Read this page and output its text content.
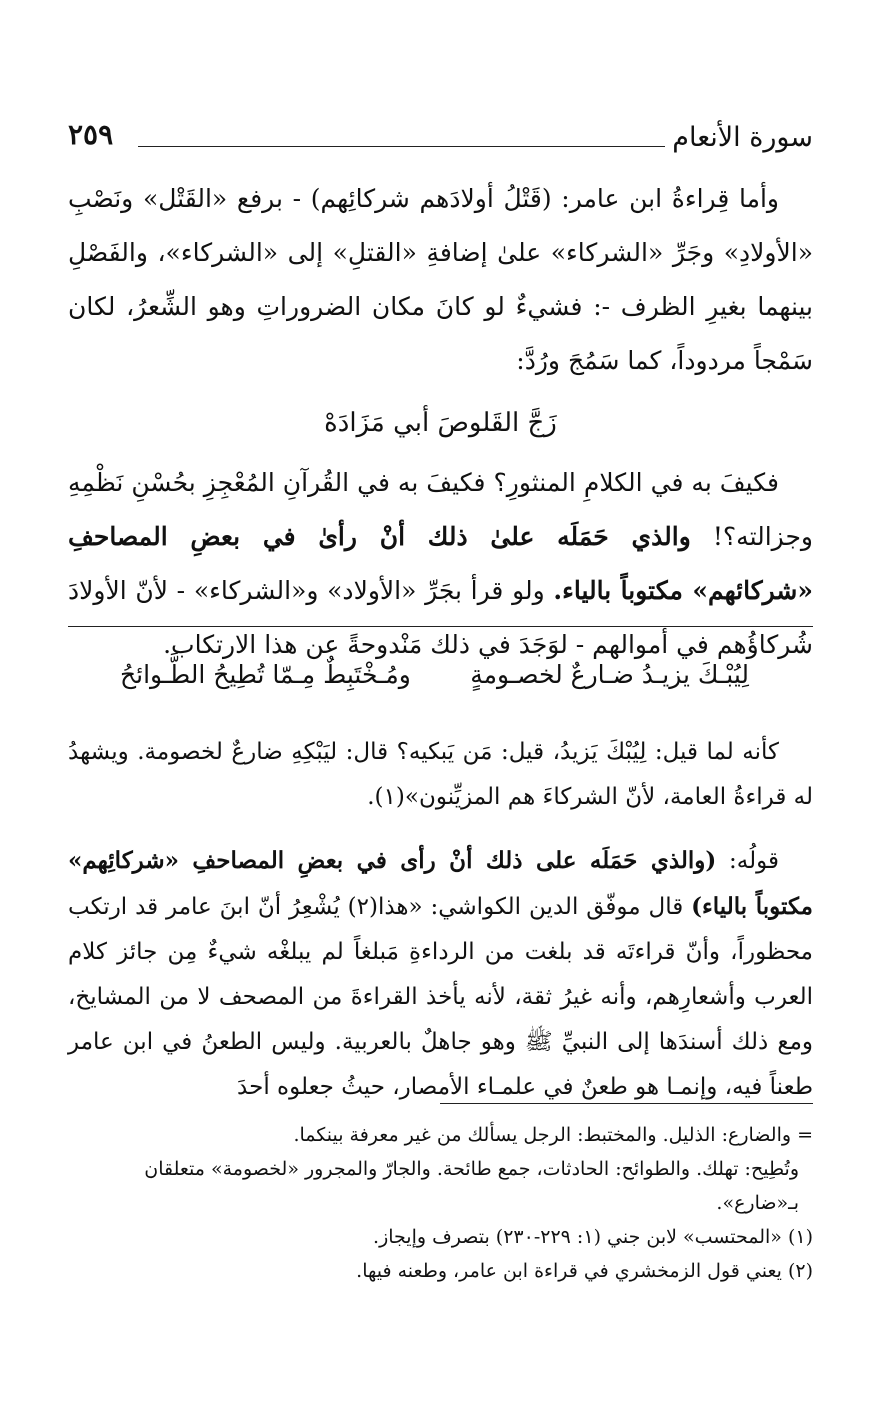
سورة الأنعام
٢٥٩

وأما قِراءةُ ابن عامر: (قَتْلُ أولادَهم شركائِهم) - برفع «القَتْل» ونَصْبِ «الأولادِ» وجَرِّ «الشركاء» علىٰ إضافةِ «القتلِ» إلى «الشركاء»، والفَصْلِ بينهما بغيرِ الظرف -: فشيءٌ لو كانَ مكان الضروراتِ وهو الشِّعرُ، لكان سَمْجاً مردوداً، كما سَمُجَ ورُدَّ:

زَجَّ القَلوصَ أبي مَزَادَهْ

فكيفَ به في الكلامِ المنثورِ؟ فكيفَ به في القُرآنِ المُعْجِزِ بحُسْنِ نَظْمِهِ وجزالته؟! والذي حَمَلَه علىٰ ذلك أنْ رأىٰ في بعضِ المصاحفِ «شركائهم» مكتوباً بالياء. ولو قرأ بجَرِّ «الأولاد» و«الشركاء» - لأنّ الأولادَ شُركاؤُهم في أموالهم - لوَجَدَ في ذلك مَنْدوحةً عن هذا الارتكاب.

لِيُبْـكَ يزيـدُ ضـارعٌ لخصـومةٍ
ومُـخْتَبِطٌ مِـمّا تُطِيحُ الطَّـوائحُ

كأنه لما قيل: لِيُبْكَ يَزيدُ، قيل: مَن يَبكيه؟ قال: ليَبْكِهِ ضارعٌ لخصومة. ويشهدُ له قراءةُ العامة، لأنّ الشركاءَ هم المزيِّنون»(١).

قولُه: (والذي حَمَلَه على ذلك أنْ رأى في بعضِ المصاحفِ «شركائِهم» مكتوباً بالياء) قال موفّق الدين الكواشي: «هذا(٢) يُشْعِرُ أنّ ابنَ عامر قد ارتكب محظوراً، وأنّ قراءتَه قد بلغت من الرداءةِ مَبلغاً لم يبلغْه شيءٌ مِن جائز كلام العرب وأشعارِهم، وأنه غيرُ ثقة، لأنه يأخذ القراءةَ من المصحف لا من المشايخ، ومع ذلك أسندَها إلى النبيِّ ﷺ وهو جاهلٌ بالعربية. وليس الطعنُ في ابن عامر طعناً فيه، وإنمـا هو طعنٌ في علمـاء الأمصار، حيثُ جعلوه أحدَ

= والضارع: الذليل. والمختبط: الرجل يسألك من غير معرفة بينكما.

وتُطِيح: تهلك. والطوائح: الحادثات، جمع طائحة. والجارّ والمجرور «لخصومة» متعلقان بـ«ضارع».

(١) «المحتسب» لابن جني (١: ٢٢٩-٢٣٠) بتصرف وإيجاز.

(٢) يعني قول الزمخشري في قراءة ابن عامر، وطعنه فيها.
